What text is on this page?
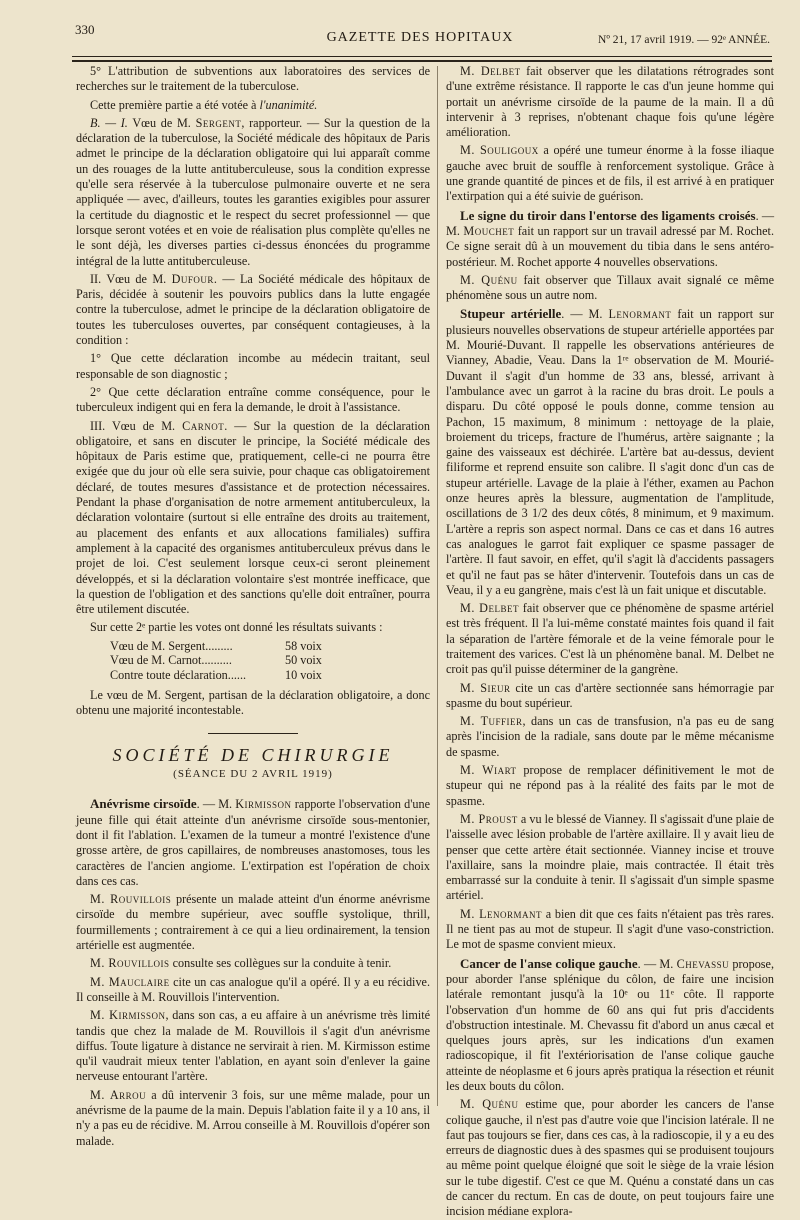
330
GAZETTE DES HOPITAUX	Nº 21, 17 avril 1919. — 92ᵉ ANNÉE.

5° L'attribution de subventions aux laboratoires des services de recherches sur le traitement de la tuberculose.

Cette première partie a été votée à l'unanimité.

B. — I. Vœu de M. Sergent, rapporteur. — Sur la question de la déclaration de la tuberculose, la Société médicale des hôpitaux de Paris admet le principe de la déclaration obligatoire qui lui apparaît comme un des rouages de la lutte antituberculeuse, sous la condition expresse qu'elle sera réservée à la tuberculose pulmonaire ouverte et ne sera appliquée — avec, d'ailleurs, toutes les garanties exigibles pour assurer la certitude du diagnostic et le respect du secret professionnel — que lorsque seront votées et en voie de réalisation plus complète qu'elles ne le sont déjà, les diverses parties ci-dessus énoncées du programme intégral de la lutte antituberculeuse.

II. Vœu de M. Dufour. — La Société médicale des hôpitaux de Paris, décidée à soutenir les pouvoirs publics dans la lutte engagée contre la tuberculose, admet le principe de la déclaration obligatoire de toutes les tuberculoses ouvertes, par conséquent contagieuses, à la condition :

1° Que cette déclaration incombe au médecin traitant, seul responsable de son diagnostic ;

2° Que cette déclaration entraîne comme conséquence, pour le tuberculeux indigent qui en fera la demande, le droit à l'assistance.

III. Vœu de M. Carnot. — Sur la question de la déclaration obligatoire, et sans en discuter le principe, la Société médicale des hôpitaux de Paris estime que, pratiquement, celle-ci ne pourra être exigée que du jour où elle sera suivie, pour chaque cas obligatoirement déclaré, de toutes mesures d'assistance et de protection nécessaires. Pendant la phase d'organisation de notre armement antituberculeux, la déclaration volontaire (surtout si elle entraîne des droits au traitement, au placement des enfants et aux allocations familiales) suffira amplement à la capacité des organismes antituberculeux prévus dans le projet de loi. C'est seulement lorsque ceux-ci seront pleinement développés, et si la déclaration volontaire s'est montrée inefficace, que la question de l'obligation et des sanctions qu'elle doit entraîner, pourra être utilement discutée.

Sur cette 2ᵉ partie les votes ont donné les résultats suivants :

Vœu de M. Sergent.........	58 voix
Vœu de M. Carnot..........	50 voix
Contre toute déclaration......	10 voix

Le vœu de M. Sergent, partisan de la déclaration obligatoire, a donc obtenu une majorité incontestable.

SOCIÉTÉ DE CHIRURGIE
(SÉANCE DU 2 AVRIL 1919)

Anévrisme cirsoïde. — M. Kirmisson rapporte l'observation d'une jeune fille qui était atteinte d'un anévrisme cirsoïde sous-mentonier, dont il fit l'ablation. L'examen de la tumeur a montré l'existence d'une grosse artère, de gros capillaires, de nombreuses anastomoses, tous les caractères de l'ancien angiome. L'extirpation est l'opération de choix dans ces cas.

M. Rouvillois présente un malade atteint d'un énorme anévrisme cirsoïde du membre supérieur, avec souffle systolique, thrill, fourmillements ; contrairement à ce qui a lieu ordinairement, la tension artérielle est augmentée.

M. Rouvillois consulte ses collègues sur la conduite à tenir.

M. Mauclaire cite un cas analogue qu'il a opéré. Il y a eu récidive. Il conseille à M. Rouvillois l'intervention.

M. Kirmisson, dans son cas, a eu affaire à un anévrisme très limité tandis que chez la malade de M. Rouvillois il s'agit d'un anévrisme diffus. Toute ligature à distance ne servirait à rien. M. Kirmisson estime qu'il vaudrait mieux tenter l'ablation, en ayant soin d'enlever la gaine nerveuse entourant l'artère.

M. Arrou a dû intervenir 3 fois, sur une même malade, pour un anévrisme de la paume de la main. Depuis l'ablation faite il y a 10 ans, il n'y a pas eu de récidive. M. Arrou conseille à M. Rouvillois d'opérer son malade.

M. Delbet fait observer que les dilatations rétrogrades sont d'une extrême résistance. Il rapporte le cas d'un jeune homme qui portait un anévrisme cirsoïde de la paume de la main. Il a dû intervenir à 3 reprises, n'obtenant chaque fois qu'une légère amélioration.

M. Souligoux a opéré une tumeur énorme à la fosse iliaque gauche avec bruit de souffle à renforcement systolique. Grâce à une grande quantité de pinces et de fils, il est arrivé à en pratiquer l'extirpation qui a été suivie de guérison.

Le signe du tiroir dans l'entorse des ligaments croisés. — M. Mouchet fait un rapport sur un travail adressé par M. Rochet. Ce signe serait dû à un mouvement du tibia dans le sens antéro-postérieur. M. Rochet apporte 4 nouvelles observations.

M. Quénu fait observer que Tillaux avait signalé ce même phénomène sous un autre nom.

Stupeur artérielle. — M. Lenormant fait un rapport sur plusieurs nouvelles observations de stupeur artérielle apportées par M. Mourié-Duvant. Il rappelle les observations antérieures de Vianney, Abadie, Veau. Dans la 1ʳᵉ observation de M. Mourié-Duvant il s'agit d'un homme de 33 ans, blessé, arrivant à l'ambulance avec un garrot à la racine du bras droit. Le pouls a disparu. Du côté opposé le pouls donne, comme tension au Pachon, 15 maximum, 8 minimum : nettoyage de la plaie, broiement du triceps, fracture de l'humérus, artère saignante ; la gaine des vaisseaux est déchirée. L'artère bat au-dessus, devient filiforme et reprend ensuite son calibre. Il s'agit donc d'un cas de stupeur artérielle. Lavage de la plaie à l'éther, examen au Pachon onze heures après la blessure, augmentation de l'amplitude, oscillations de 3 1/2 des deux côtés, 8 minimum, et 9 maximum. L'artère a repris son aspect normal. Dans ce cas et dans 16 autres cas analogues le garrot fait expliquer ce spasme passager de l'artère. Il faut savoir, en effet, qu'il s'agit là d'accidents passagers et qu'il ne faut pas se hâter d'intervenir. Toutefois dans un cas de Veau, il y a eu gangrène, mais c'est là un fait unique et discutable.

M. Delbet fait observer que ce phénomène de spasme artériel est très fréquent. Il l'a lui-même constaté maintes fois quand il fait la séparation de l'artère fémorale et de la veine fémorale pour le traitement des varices. C'est là un phénomène banal. M. Delbet ne croit pas qu'il puisse déterminer de la gangrène.

M. Sieur cite un cas d'artère sectionnée sans hémorragie par spasme du bout supérieur.

M. Tuffier, dans un cas de transfusion, n'a pas eu de sang après l'incision de la radiale, sans doute par le même mécanisme de spasme.

M. Wiart propose de remplacer définitivement le mot de stupeur qui ne répond pas à la réalité des faits par le mot de spasme.

M. Proust a vu le blessé de Vianney. Il s'agissait d'une plaie de l'aisselle avec lésion probable de l'artère axillaire. Il y avait lieu de penser que cette artère était sectionnée. Vianney incise et trouve l'axillaire, sans la moindre plaie, mais contractée. Il était très embarrassé sur la conduite à tenir. Il s'agissait d'un simple spasme artériel.

M. Lenormant a bien dit que ces faits n'étaient pas très rares. Il ne tient pas au mot de stupeur. Il s'agit d'une vaso-constriction. Le mot de spasme convient mieux.

Cancer de l'anse colique gauche. — M. Chevassu propose, pour aborder l'anse splénique du côlon, de faire une incision latérale remontant jusqu'à la 10ᵉ ou 11ᵉ côte. Il rapporte l'observation d'un homme de 60 ans qui fut pris d'accidents d'obstruction intestinale. M. Chevassu fit d'abord un anus cæcal et quelques jours après, sur les indications d'un examen radioscopique, il fit l'extériorisation de l'anse colique gauche atteinte de néoplasme et 6 jours après pratiqua la résection et réunit les deux bouts du côlon.

M. Quénu estime que, pour aborder les cancers de l'anse colique gauche, il n'est pas d'autre voie que l'incision latérale. Il ne faut pas toujours se fier, dans ces cas, à la radioscopie, il y a eu des erreurs de diagnostic dues à des spasmes qui se produisent toujours au même point quelque éloigné que soit le siège de la vraie lésion sur le tube digestif. C'est ce que M. Quénu a constaté dans un cas de cancer du rectum. En cas de doute, on peut toujours faire une incision médiane explora-
